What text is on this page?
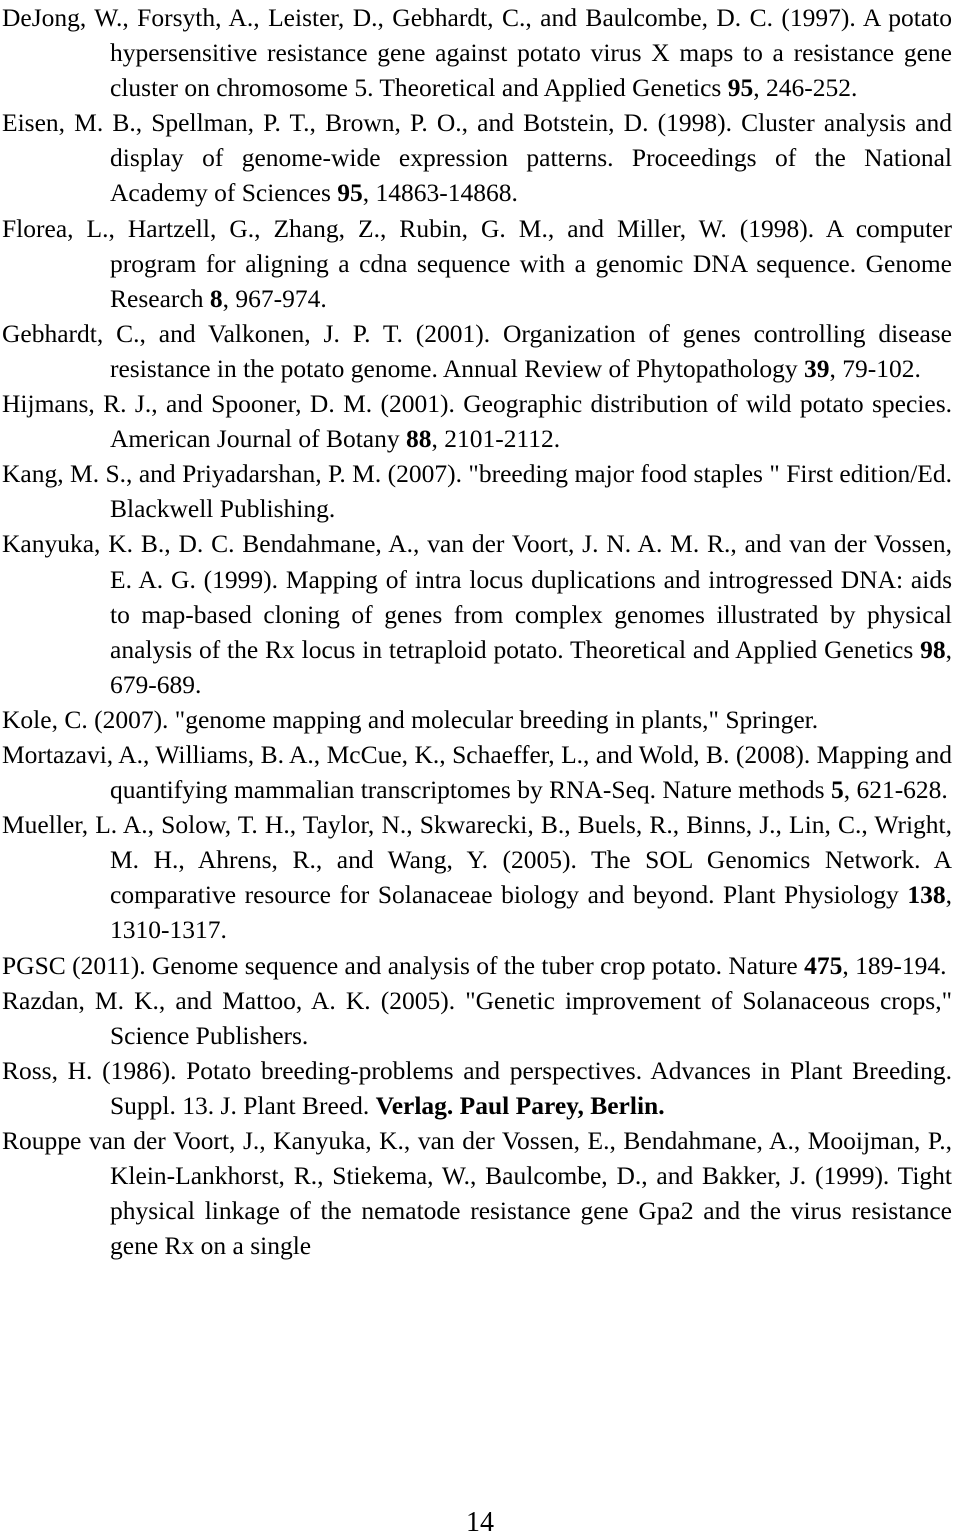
DeJong, W., Forsyth, A., Leister, D., Gebhardt, C., and Baulcombe, D. C. (1997). A potato hypersensitive resistance gene against potato virus X maps to a resistance gene cluster on chromosome 5. Theoretical and Applied Genetics 95, 246-252.
Eisen, M. B., Spellman, P. T., Brown, P. O., and Botstein, D. (1998). Cluster analysis and display of genome-wide expression patterns. Proceedings of the National Academy of Sciences 95, 14863-14868.
Florea, L., Hartzell, G., Zhang, Z., Rubin, G. M., and Miller, W. (1998). A computer program for aligning a cdna sequence with a genomic DNA sequence. Genome Research 8, 967-974.
Gebhardt, C., and Valkonen, J. P. T. (2001). Organization of genes controlling disease resistance in the potato genome. Annual Review of Phytopathology 39, 79-102.
Hijmans, R. J., and Spooner, D. M. (2001). Geographic distribution of wild potato species. American Journal of Botany 88, 2101-2112.
Kang, M. S., and Priyadarshan, P. M. (2007). "breeding major food staples " First edition/Ed. Blackwell Publishing.
Kanyuka, K. B., D. C. Bendahmane, A., van der Voort, J. N. A. M. R., and van der Vossen, E. A. G. (1999). Mapping of intra locus duplications and introgressed DNA: aids to map-based cloning of genes from complex genomes illustrated by physical analysis of the Rx locus in tetraploid potato. Theoretical and Applied Genetics 98, 679-689.
Kole, C. (2007). "genome mapping and molecular breeding in plants," Springer.
Mortazavi, A., Williams, B. A., McCue, K., Schaeffer, L., and Wold, B. (2008). Mapping and quantifying mammalian transcriptomes by RNA-Seq. Nature methods 5, 621-628.
Mueller, L. A., Solow, T. H., Taylor, N., Skwarecki, B., Buels, R., Binns, J., Lin, C., Wright, M. H., Ahrens, R., and Wang, Y. (2005). The SOL Genomics Network. A comparative resource for Solanaceae biology and beyond. Plant Physiology 138, 1310-1317.
PGSC (2011). Genome sequence and analysis of the tuber crop potato. Nature 475, 189-194.
Razdan, M. K., and Mattoo, A. K. (2005). "Genetic improvement of Solanaceous crops," Science Publishers.
Ross, H. (1986). Potato breeding-problems and perspectives. Advances in Plant Breeding. Suppl. 13. J. Plant Breed. Verlag. Paul Parey, Berlin.
Rouppe van der Voort, J., Kanyuka, K., van der Vossen, E., Bendahmane, A., Mooijman, P., Klein-Lankhorst, R., Stiekema, W., Baulcombe, D., and Bakker, J. (1999). Tight physical linkage of the nematode resistance gene Gpa2 and the virus resistance gene Rx on a single
14
